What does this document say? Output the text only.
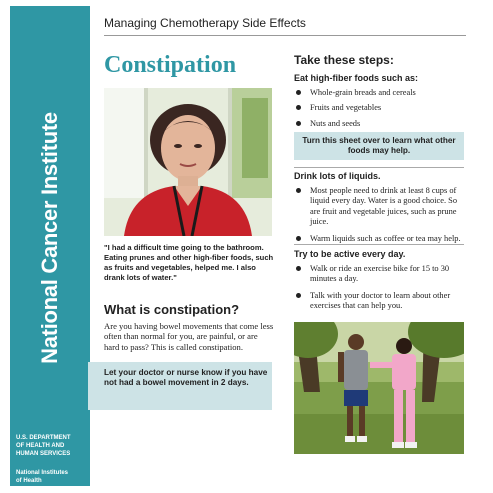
National Cancer Institute
U.S. DEPARTMENT
OF HEALTH AND
HUMAN SERVICES
National Institutes
of Health
Managing Chemotherapy Side Effects
Constipation
"I had a difficult time going to the bathroom. Eating prunes and other high-fiber foods, such as fruits and vegetables, helped me. I also drank lots of water."
What is constipation?
Are you having bowel movements that come less often than normal for you, are painful, or are hard to pass? This is called constipation.
Let your doctor or nurse know if you have not had a bowel movement in 2 days.
Take these steps:
Eat high-fiber foods such as:
Whole-grain breads and cereals
Fruits and vegetables
Nuts and seeds
Turn this sheet over to learn what other foods may help.
Drink lots of liquids.
Most people need to drink at least 8 cups of liquid every day. Water is a good choice. So are fruit and vegetable juices, such as prune juice.
Warm liquids such as coffee or tea may help.
Try to be active every day.
Walk or ride an exercise bike for 15 to 30 minutes a day.
Talk with your doctor to learn about other exercises that can help you.
